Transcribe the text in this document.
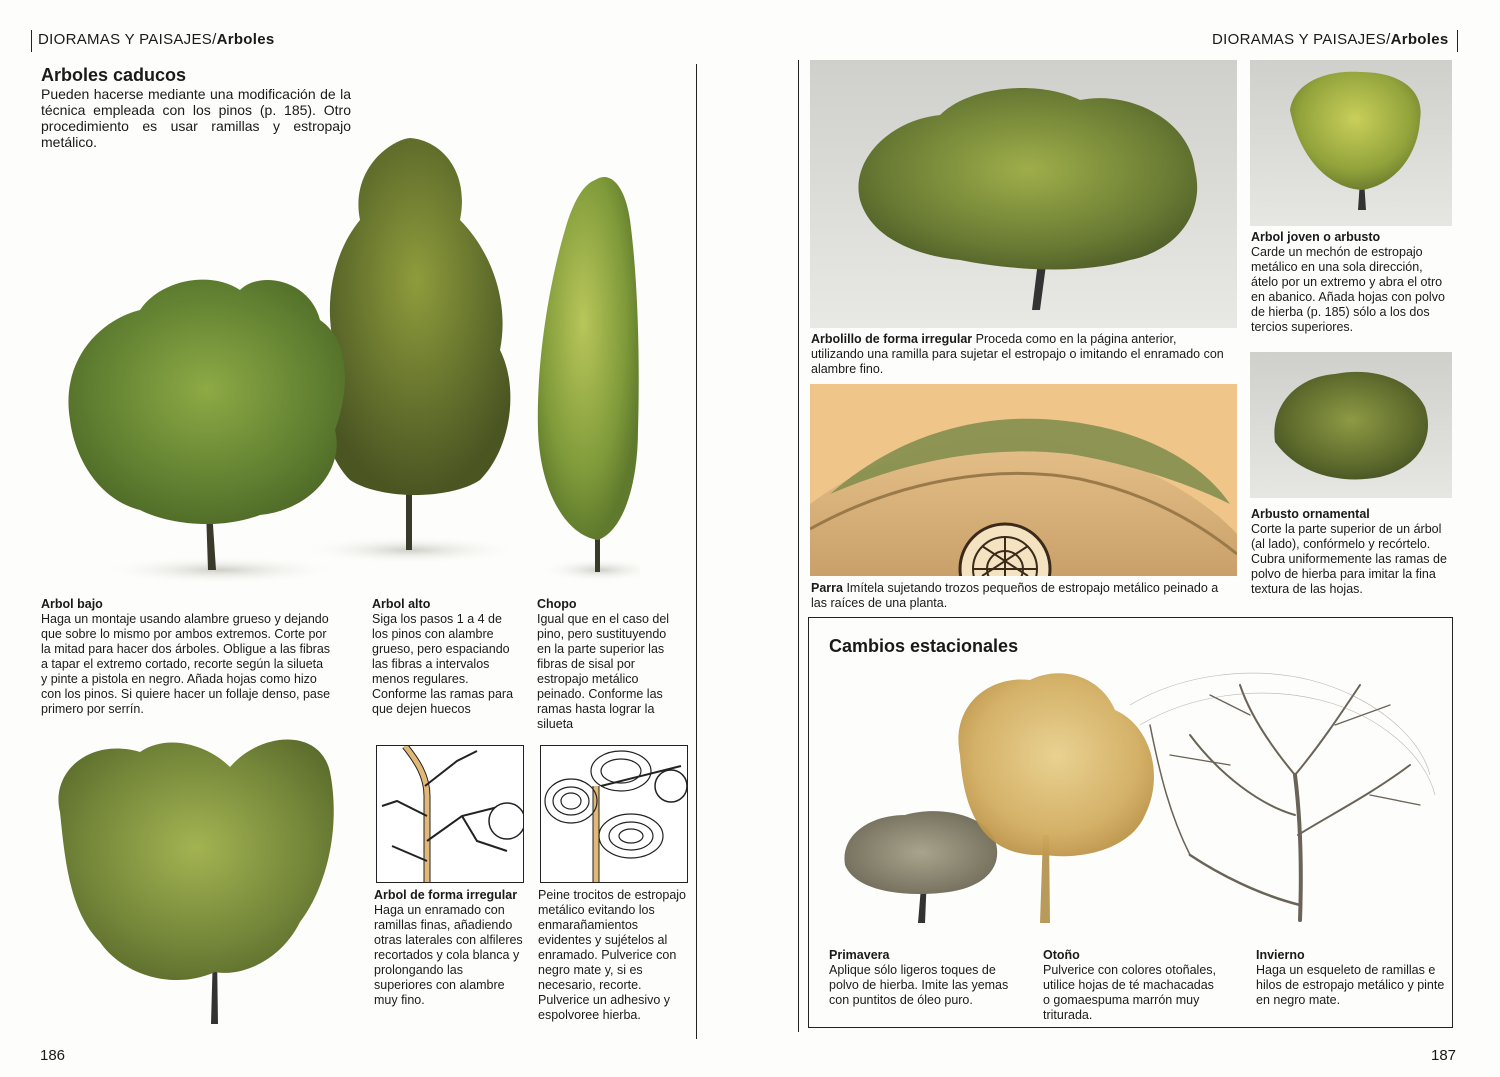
DIORAMAS Y PAISAJES/Arboles
Arboles caducos
Pueden hacerse mediante una modificación de la técnica empleada con los pinos (p. 185). Otro procedimiento es usar ramillas y estropajo metálico.
Arbol bajo
Haga un montaje usando alambre grueso y dejando que sobre lo mismo por ambos extremos. Corte por la mitad para hacer dos árboles. Obligue a las fibras a tapar el extremo cortado, recorte según la silueta y pinte a pistola en negro. Añada hojas como hizo con los pinos. Si quiere hacer un follaje denso, pase primero por serrín.
Arbol alto
Siga los pasos 1 a 4 de los pinos con alambre grueso, pero espaciando las fibras a intervalos menos regulares. Conforme las ramas para que dejen huecos
Chopo
Igual que en el caso del pino, pero sustituyendo en la parte superior las fibras de sisal por estropajo metálico peinado. Conforme las ramas hasta lograr la silueta
Arbol de forma irregular
Haga un enramado con ramillas finas, añadiendo otras laterales con alfileres recortados y cola blanca y prolongando las superiores con alambre muy fino.
Peine trocitos de estropajo metálico evitando los enmarañamientos evidentes y sujételos al enramado. Pulverice con negro mate y, si es necesario, recorte. Pulverice un adhesivo y espolvoree hierba.
186
DIORAMAS Y PAISAJES/Arboles
Arbolillo de forma irregular Proceda como en la página anterior, utilizando una ramilla para sujetar el estropajo o imitando el enramado con alambre fino.
Arbol joven o arbusto
Carde un mechón de estropajo metálico en una sola dirección, átelo por un extremo y abra el otro en abanico. Añada hojas con polvo de hierba (p. 185) sólo a los dos tercios superiores.
Parra Imítela sujetando trozos pequeños de estropajo metálico peinado a las raíces de una planta.
Arbusto ornamental
Corte la parte superior de un árbol (al lado), confórmelo y recórtelo. Cubra uniformemente las ramas de polvo de hierba para imitar la fina textura de las hojas.
Cambios estacionales
Primavera
Aplique sólo ligeros toques de polvo de hierba. Imite las yemas con puntitos de óleo puro.
Otoño
Pulverice con colores otoñales, utilice hojas de té machacadas o gomaespuma marrón muy triturada.
Invierno
Haga un esqueleto de ramillas e hilos de estropajo metálico y pinte en negro mate.
187
